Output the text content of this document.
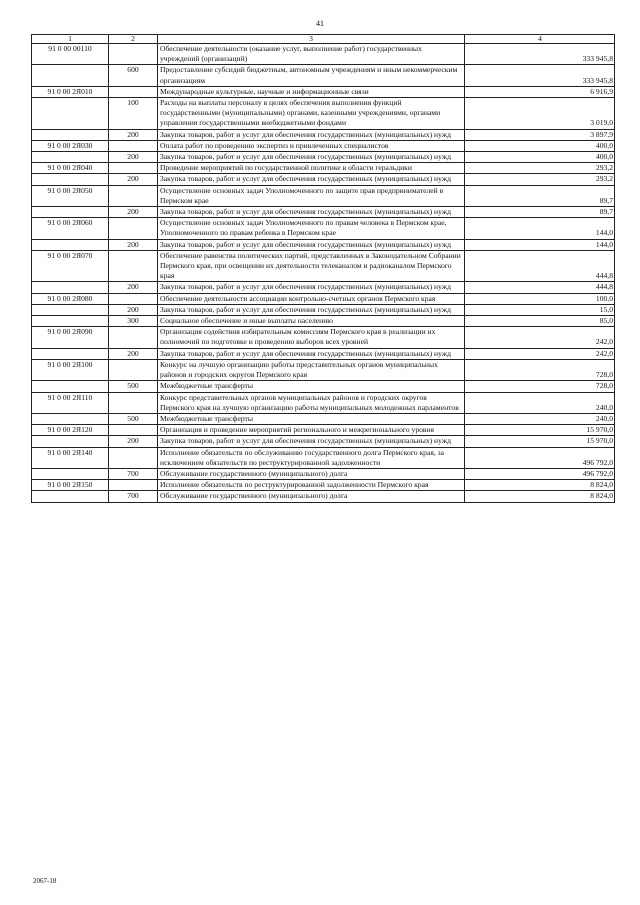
41
1	2	3	4
91 0 00 00110		Обеспечение деятельности (оказание услуг, выполнение работ) государственных учреждений (организаций)	333 945,8
	600	Предоставление субсидий бюджетным, автономным учреждениям и иным некоммерческим организациям	333 945,8
91 0 00 2Я010		Международные культурные, научные и информационные связи	6 916,9
	100	Расходы на выплаты персоналу в целях обеспечения выполнения функций государственными (муниципальными) органами, казенными учреждениями, органами управления государственными внебюджетными фондами	3 019,0
	200	Закупка товаров, работ и услуг для обеспечения государственных (муниципальных) нужд	3 897,9
91 0 00 2Я030		Оплата работ по проведению экспертиз и привлеченных специалистов	400,0
	200	Закупка товаров, работ и услуг для обеспечения государственных (муниципальных) нужд	400,0
91 0 00 2Я040		Проведение мероприятий по государственной политике в области геральдики	293,2
	200	Закупка товаров, работ и услуг для обеспечения государственных (муниципальных) нужд	293,2
91 0 00 2Я050		Осуществление основных задач Уполномоченного по защите прав предпринимателей в Пермском крае	89,7
	200	Закупка товаров, работ и услуг для обеспечения государственных (муниципальных) нужд	89,7
91 0 00 2Я060		Осуществление основных задач Уполномоченного по правам человека в Пермском крае, Уполномоченного по правам ребенка в Пермском крае	144,0
	200	Закупка товаров, работ и услуг для обеспечения государственных (муниципальных) нужд	144,0
91 0 00 2Я070		Обеспечение равенства политических партий, представленных в Законодательном Собрании Пермского края, при освещении их деятельности телеканалом и радиоканалом Пермского края	444,8
	200	Закупка товаров, работ и услуг для обеспечения государственных (муниципальных) нужд	444,8
91 0 00 2Я080		Обеспечение деятельности ассоциации контрольно-счетных органов Пермского края	100,0
	200	Закупка товаров, работ и услуг для обеспечения государственных (муниципальных) нужд	15,0
	300	Социальное обеспечение и иные выплаты населению	85,0
91 0 00 2Я090		Организация содействия избирательным комиссиям Пермского края в реализации их полномочий по подготовке и проведению выборов всех уровней	242,0
	200	Закупка товаров, работ и услуг для обеспечения государственных (муниципальных) нужд	242,0
91 0 00 2Я100		Конкурс на лучшую организацию работы представительных органов муниципальных районов и городских округов Пермского края	728,0
	500	Межбюджетные трансферты	728,0
91 0 00 2Я110		Конкурс представительных органов муниципальных районов и городских округов Пермского края на лучшую организацию работы муниципальных молодежных парламентов	240,0
	500	Межбюджетные трансферты	240,0
91 0 00 2Я120		Организация и проведение мероприятий регионального и межрегионального уровня	15 970,0
	200	Закупка товаров, работ и услуг для обеспечения государственных (муниципальных) нужд	15 970,0
91 0 00 2Я140		Исполнение обязательств по обслуживанию государственного долга Пермского края, за исключением обязательств по реструктурированной задолженности	496 792,0
	700	Обслуживание государственного (муниципального) долга	496 792,0
91 0 00 2Я150		Исполнение обязательств по реструктурированной задолженности Пермского края	8 824,0
	700	Обслуживание государственного (муниципального) долга	8 824,0
2067-18
